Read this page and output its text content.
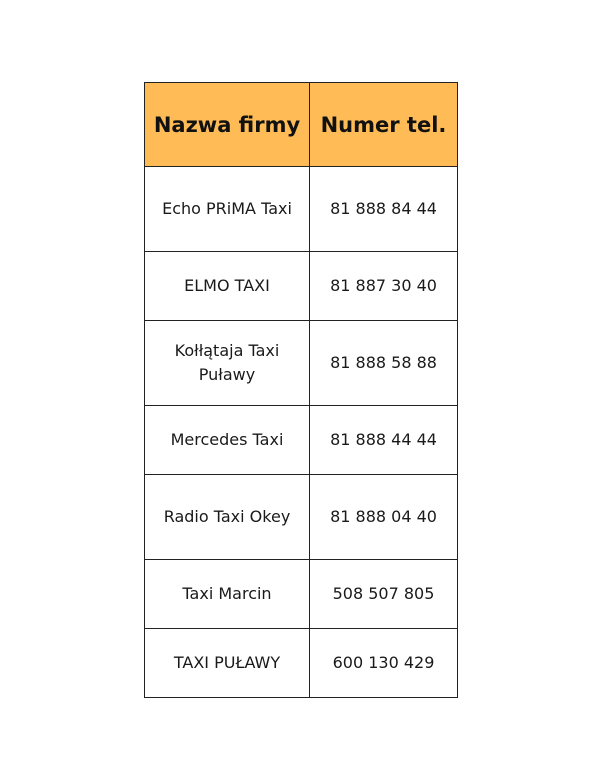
Nazwa firmy	Numer tel.
Echo PRiMA Taxi	81 888 84 44
ELMO TAXI	81 887 30 40
Kołłątaja Taxi Puławy	81 888 58 88
Mercedes Taxi	81 888 44 44
Radio Taxi Okey	81 888 04 40
Taxi Marcin	508 507 805
TAXI PUŁAWY	600 130 429
